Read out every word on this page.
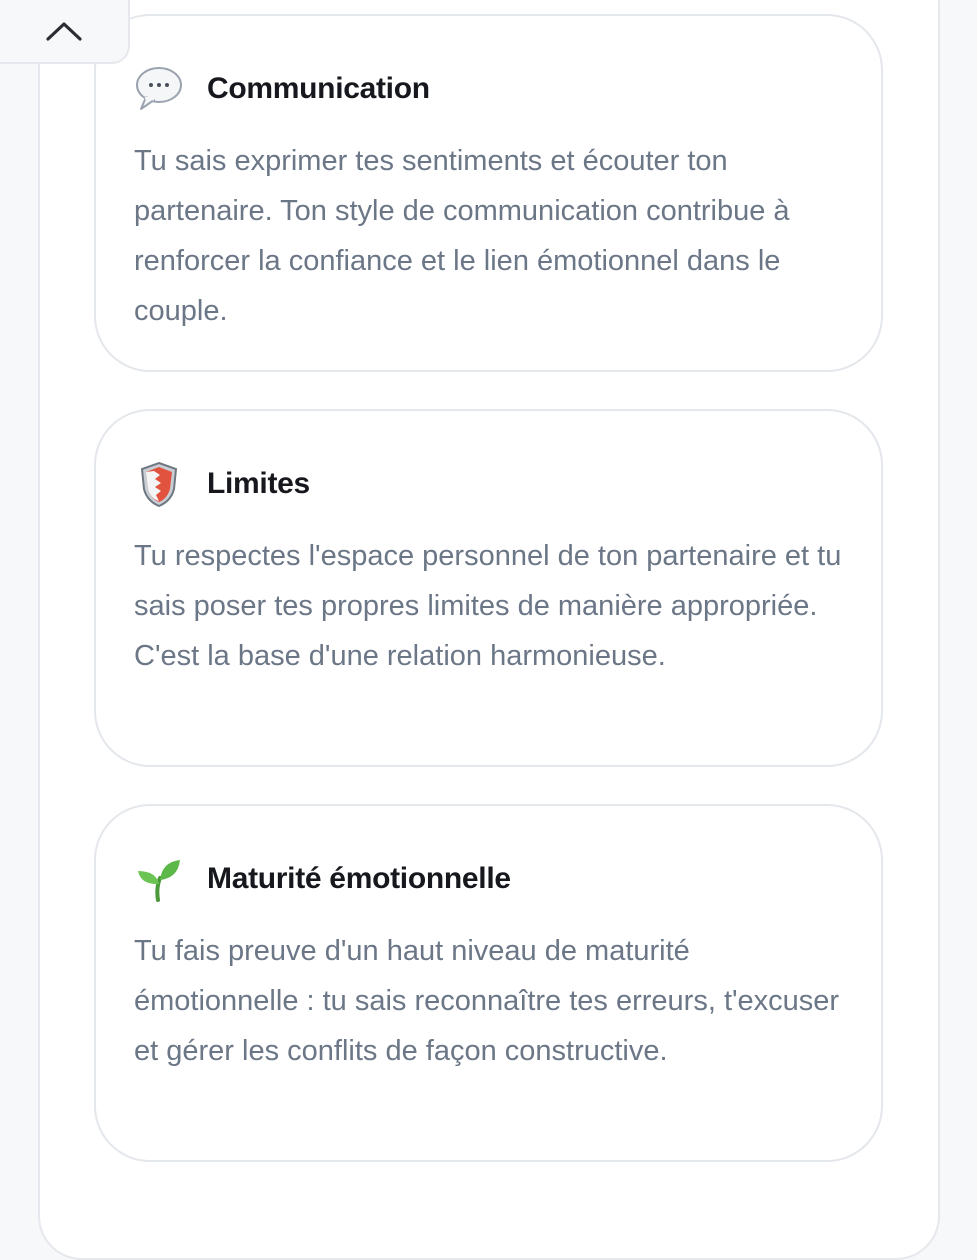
Communication

Tu sais exprimer tes sentiments et écouter ton partenaire. Ton style de communication contribue à renforcer la confiance et le lien émotionnel dans le couple.

Limites

Tu respectes l'espace personnel de ton partenaire et tu sais poser tes propres limites de manière appropriée. C'est la base d'une relation harmonieuse.

Maturité émotionnelle

Tu fais preuve d'un haut niveau de maturité émotionnelle : tu sais reconnaître tes erreurs, t'excuser et gérer les conflits de façon constructive.
